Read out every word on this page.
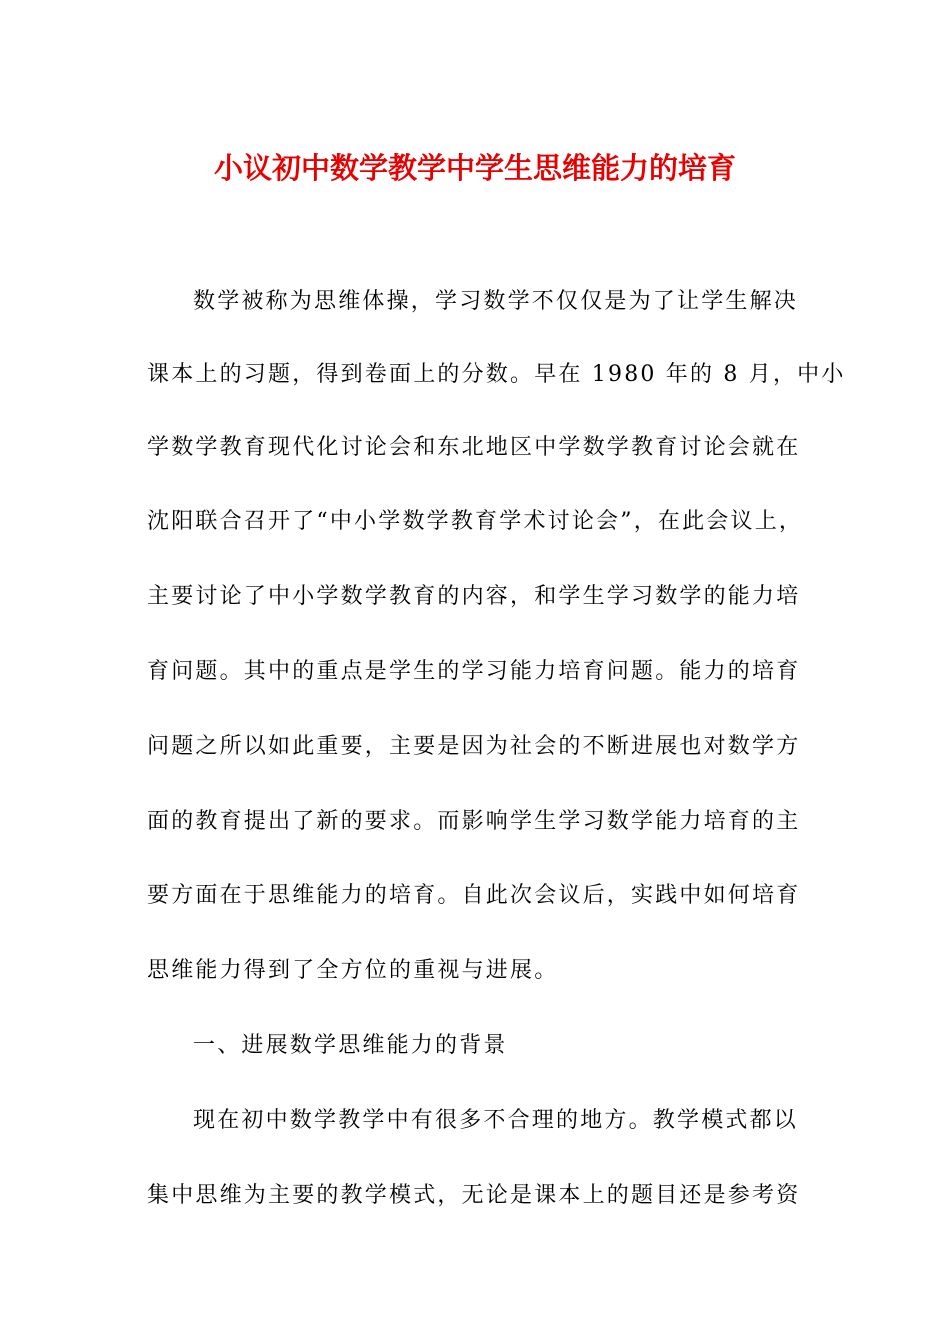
小议初中数学教学中学生思维能力的培育

数学被称为思维体操，学习数学不仅仅是为了让学生解决

课本上的习题，得到卷面上的分数。早在 1980 年的 8 月，中小

学数学教育现代化讨论会和东北地区中学数学教育讨论会就在

沈阳联合召开了“中小学数学教育学术讨论会”，在此会议上，

主要讨论了中小学数学教育的内容，和学生学习数学的能力培

育问题。其中的重点是学生的学习能力培育问题。能力的培育

问题之所以如此重要，主要是因为社会的不断进展也对数学方

面的教育提出了新的要求。而影响学生学习数学能力培育的主

要方面在于思维能力的培育。自此次会议后，实践中如何培育

思维能力得到了全方位的重视与进展。

一、进展数学思维能力的背景

现在初中数学教学中有很多不合理的地方。教学模式都以

集中思维为主要的教学模式，无论是课本上的题目还是参考资
